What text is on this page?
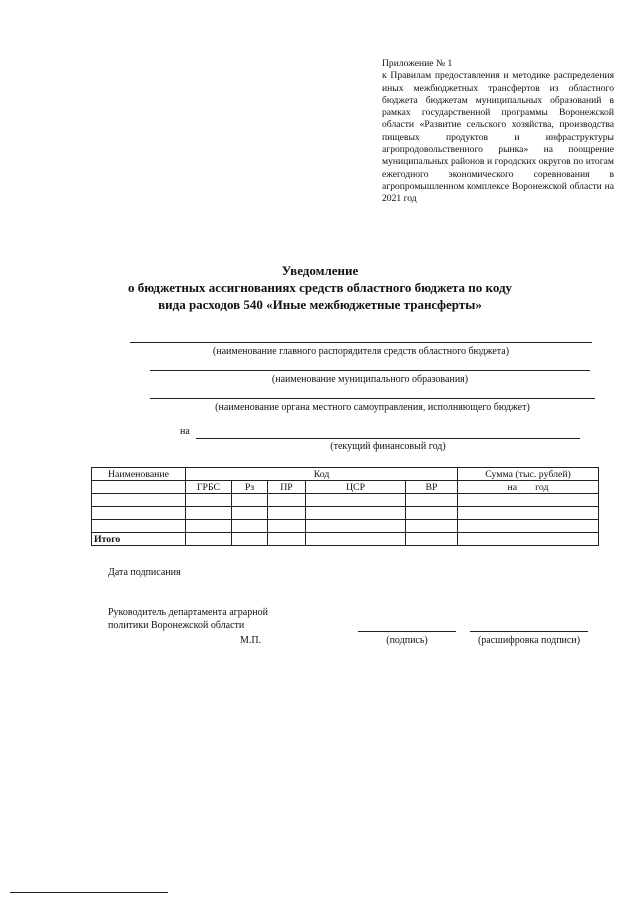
Приложение № 1
к Правилам предоставления и методике распределения иных межбюджетных трансфертов из областного бюджета бюджетам муниципальных образований в рамках государственной программы Воронежской области «Развитие сельского хозяйства, производства пищевых продуктов и инфраструктуры агропродовольственного рынка» на поощрение муниципальных районов и городских округов по итогам ежегодного экономического соревнования в агропромышленном комплексе Воронежской области на 2021 год
Уведомление
о бюджетных ассигнованиях средств областного бюджета по коду
вида расходов 540 «Иные межбюджетные трансферты»
(наименование главного распорядителя средств областного бюджета)
(наименование муниципального образования)
(наименование органа местного самоуправления, исполняющего бюджет)
на
(текущий финансовый год)
Наименование	Код					Сумма (тыс. рублей)
	ГРБС	Рз	ПР	ЦСР	ВР	на год

Итого						
Дата подписания
Руководитель департамента аграрной
политики Воронежской области
М.П.	(подпись)	(расшифровка подписи)
